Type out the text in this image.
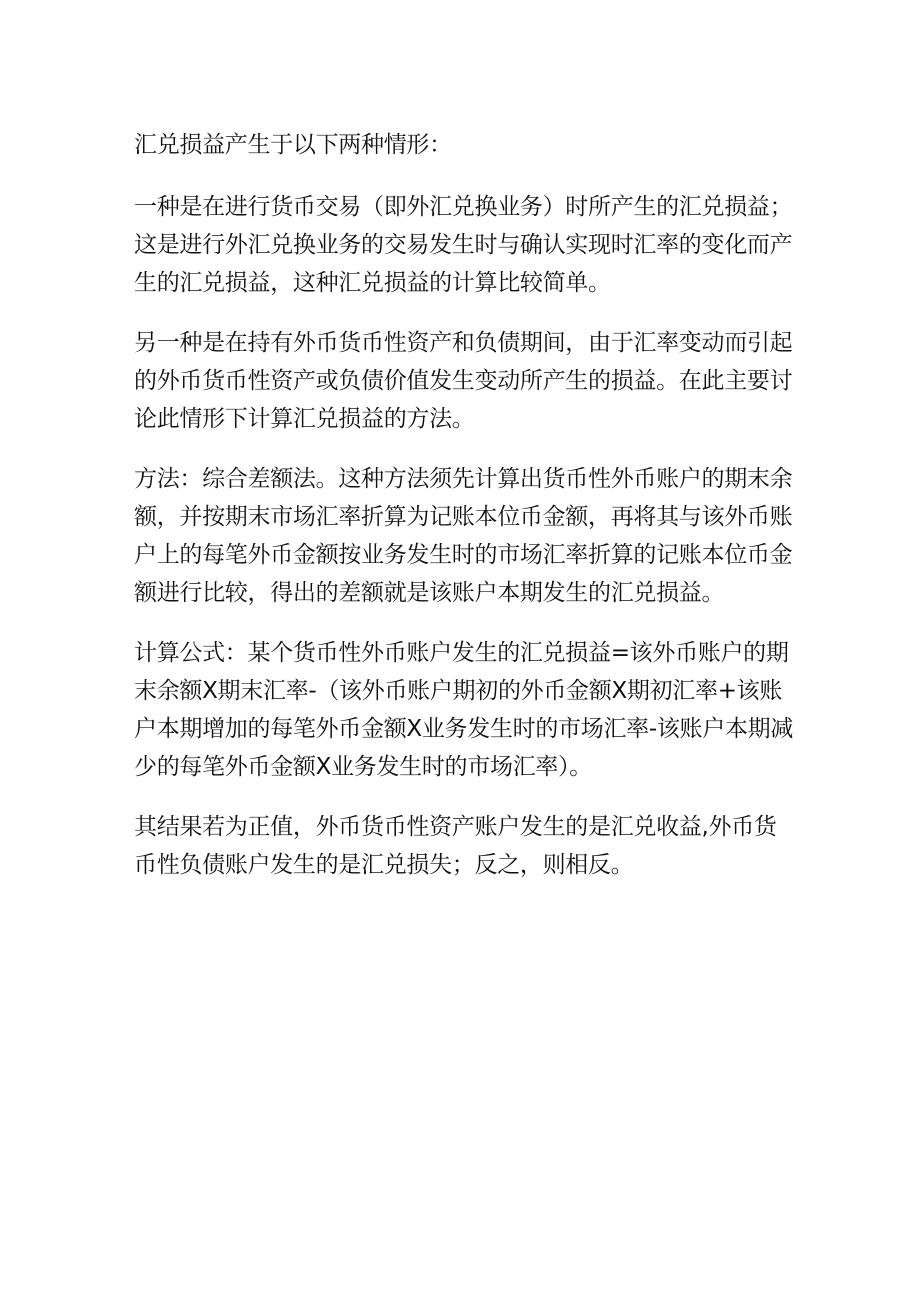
汇兑损益产生于以下两种情形：

一种是在进行货币交易（即外汇兑换业务）时所产生的汇兑损益；这是进行外汇兑换业务的交易发生时与确认实现时汇率的变化而产生的汇兑损益，这种汇兑损益的计算比较简单。

另一种是在持有外币货币性资产和负债期间，由于汇率变动而引起的外币货币性资产或负债价值发生变动所产生的损益。在此主要讨论此情形下计算汇兑损益的方法。

方法：综合差额法。这种方法须先计算出货币性外币账户的期末余额，并按期末市场汇率折算为记账本位币金额，再将其与该外币账户上的每笔外币金额按业务发生时的市场汇率折算的记账本位币金额进行比较，得出的差额就是该账户本期发生的汇兑损益。

计算公式：某个货币性外币账户发生的汇兑损益=该外币账户的期末余额X期末汇率-（该外币账户期初的外币金额X期初汇率+该账户本期增加的每笔外币金额X业务发生时的市场汇率-该账户本期减少的每笔外币金额X业务发生时的市场汇率）。

其结果若为正值，外币货币性资产账户发生的是汇兑收益,外币货币性负债账户发生的是汇兑损失；反之，则相反。
